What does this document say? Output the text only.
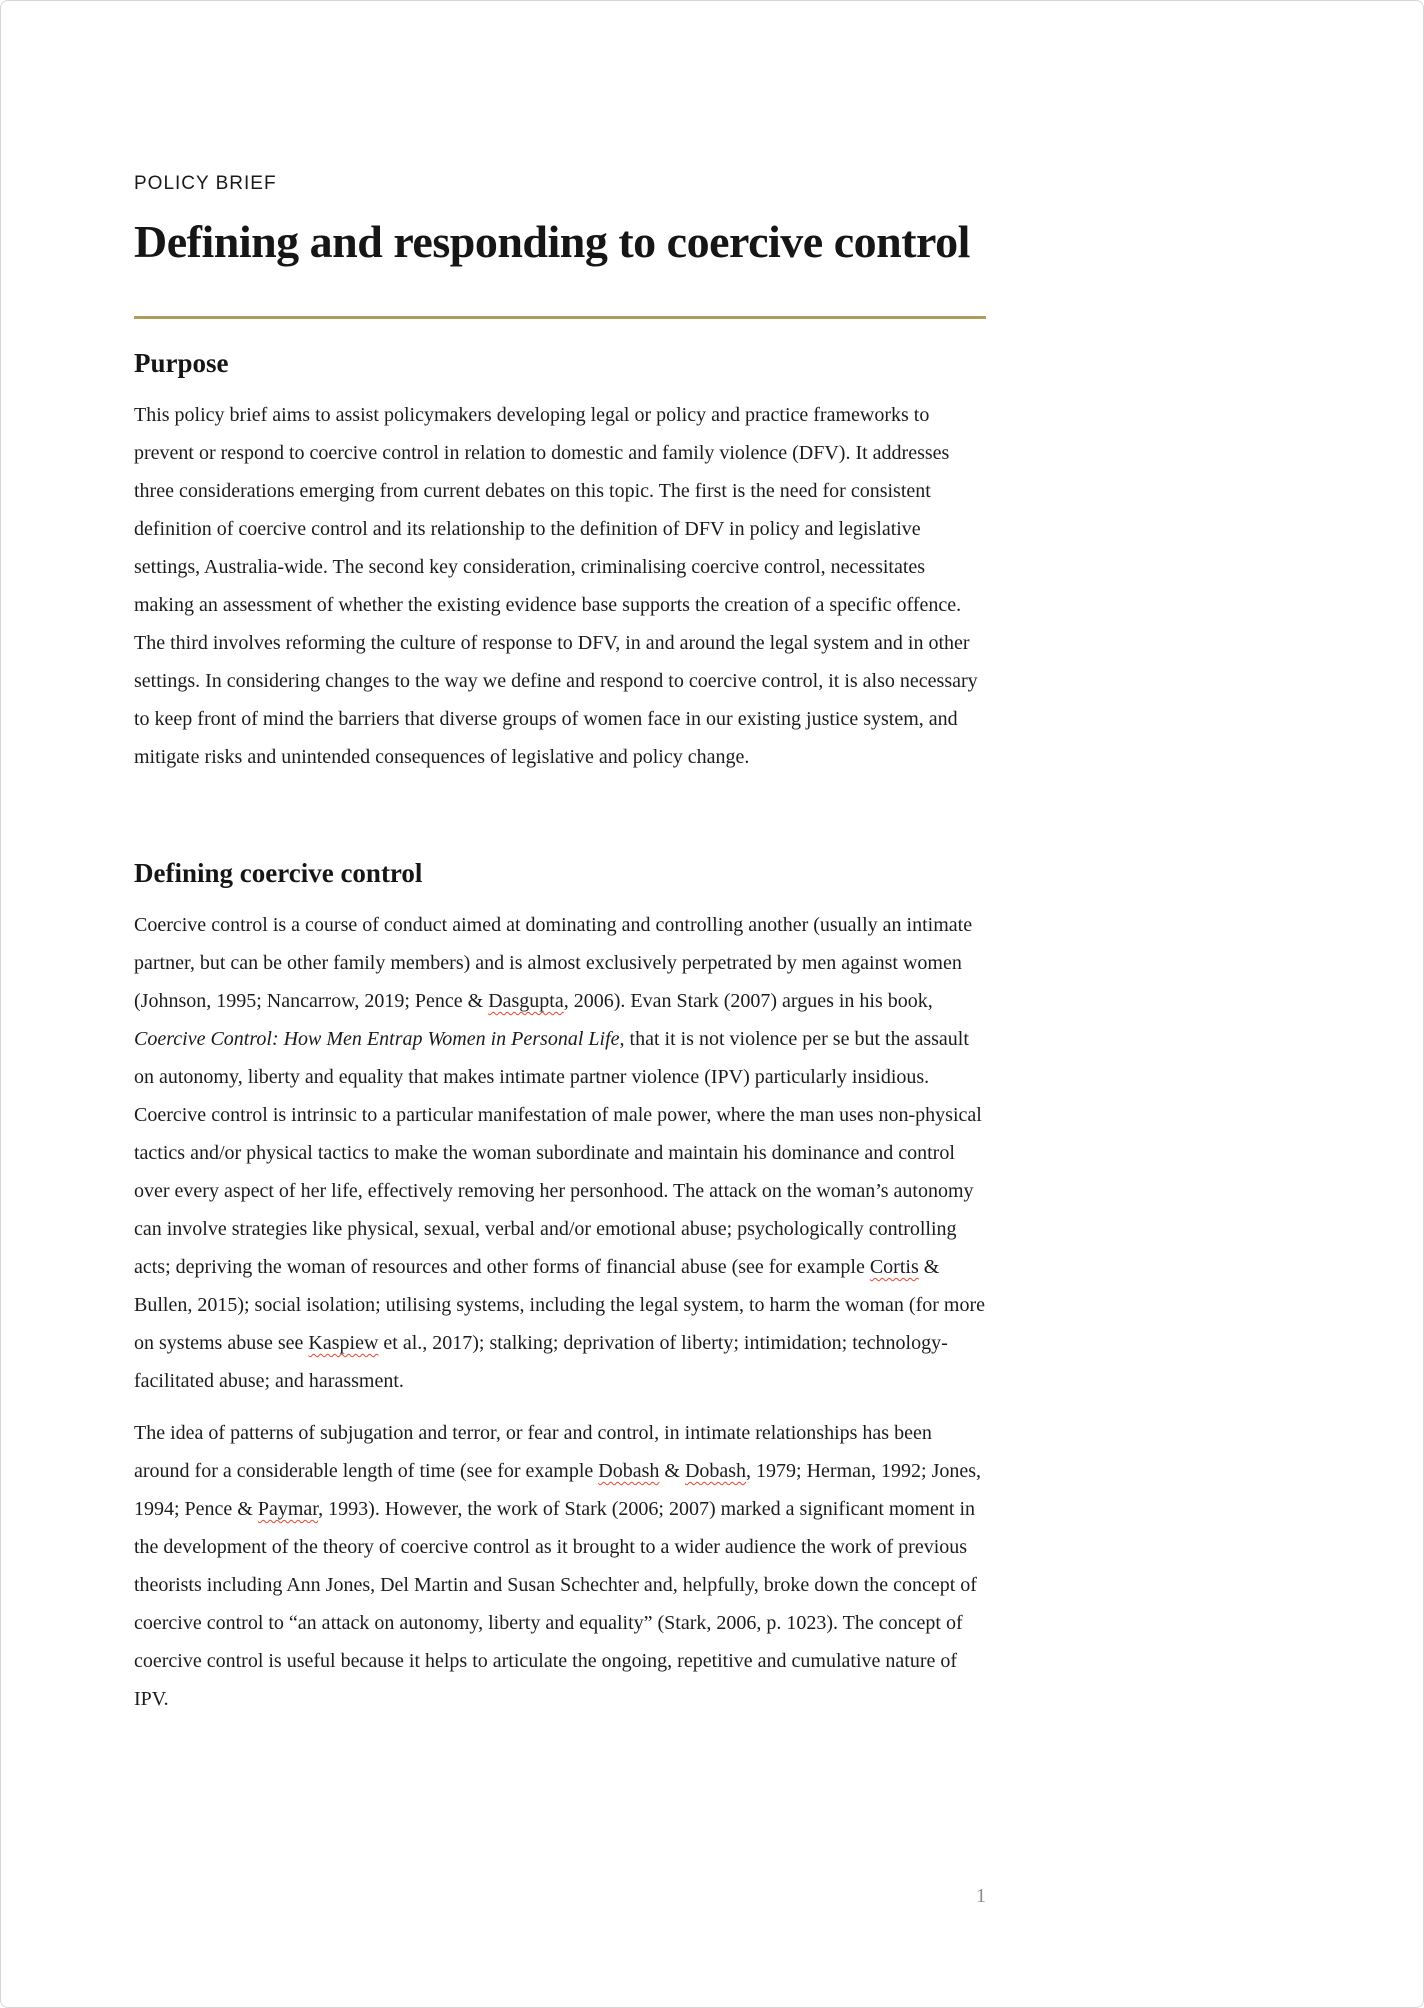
POLICY BRIEF
Defining and responding to coercive control
Purpose

This policy brief aims to assist policymakers developing legal or policy and practice frameworks to prevent or respond to coercive control in relation to domestic and family violence (DFV). It addresses three considerations emerging from current debates on this topic. The first is the need for consistent definition of coercive control and its relationship to the definition of DFV in policy and legislative settings, Australia-wide. The second key consideration, criminalising coercive control, necessitates making an assessment of whether the existing evidence base supports the creation of a specific offence. The third involves reforming the culture of response to DFV, in and around the legal system and in other settings. In considering changes to the way we define and respond to coercive control, it is also necessary to keep front of mind the barriers that diverse groups of women face in our existing justice system, and mitigate risks and unintended consequences of legislative and policy change.

Defining coercive control

Coercive control is a course of conduct aimed at dominating and controlling another (usually an intimate partner, but can be other family members) and is almost exclusively perpetrated by men against women (Johnson, 1995; Nancarrow, 2019; Pence & Dasgupta, 2006). Evan Stark (2007) argues in his book, Coercive Control: How Men Entrap Women in Personal Life, that it is not violence per se but the assault on autonomy, liberty and equality that makes intimate partner violence (IPV) particularly insidious. Coercive control is intrinsic to a particular manifestation of male power, where the man uses non-physical tactics and/or physical tactics to make the woman subordinate and maintain his dominance and control over every aspect of her life, effectively removing her personhood. The attack on the woman’s autonomy can involve strategies like physical, sexual, verbal and/or emotional abuse; psychologically controlling acts; depriving the woman of resources and other forms of financial abuse (see for example Cortis & Bullen, 2015); social isolation; utilising systems, including the legal system, to harm the woman (for more on systems abuse see Kaspiew et al., 2017); stalking; deprivation of liberty; intimidation; technology-facilitated abuse; and harassment.

The idea of patterns of subjugation and terror, or fear and control, in intimate relationships has been around for a considerable length of time (see for example Dobash & Dobash, 1979; Herman, 1992; Jones, 1994; Pence & Paymar, 1993). However, the work of Stark (2006; 2007) marked a significant moment in the development of the theory of coercive control as it brought to a wider audience the work of previous theorists including Ann Jones, Del Martin and Susan Schechter and, helpfully, broke down the concept of coercive control to “an attack on autonomy, liberty and equality” (Stark, 2006, p. 1023). The concept of coercive control is useful because it helps to articulate the ongoing, repetitive and cumulative nature of IPV.

1
